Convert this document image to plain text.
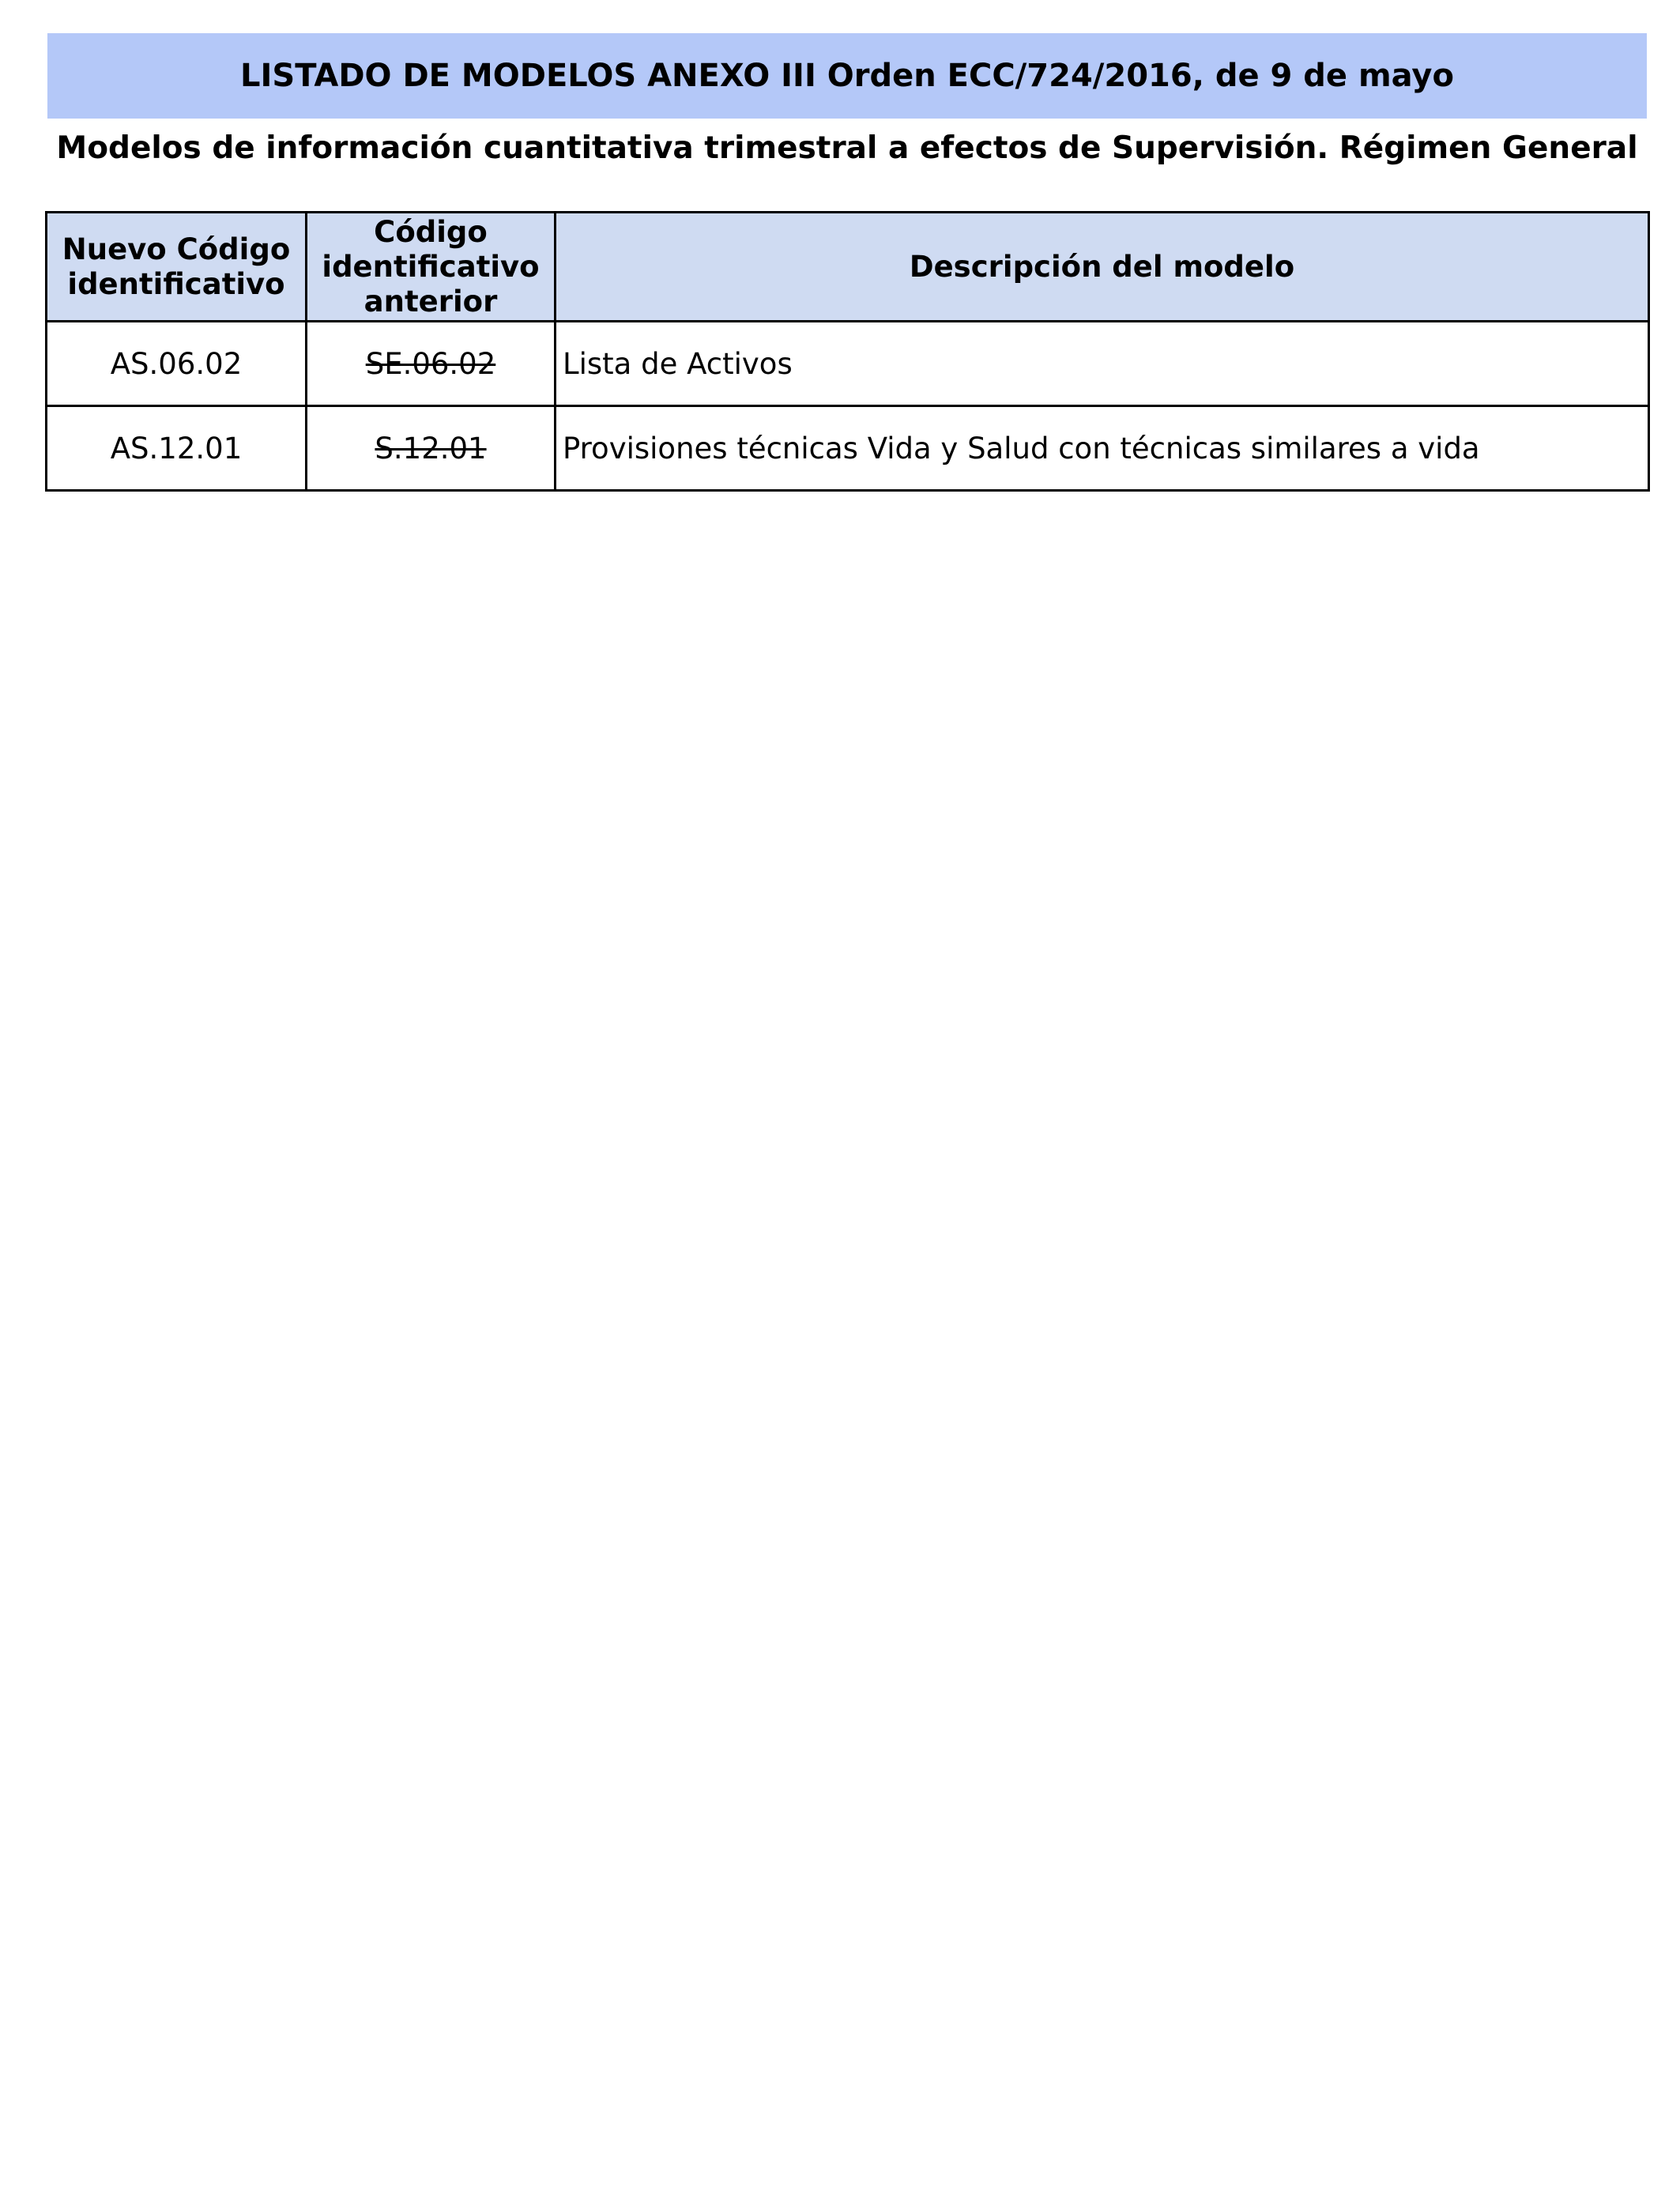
LISTADO DE MODELOS ANEXO III Orden ECC/724/2016, de 9 de mayo
Modelos de información cuantitativa trimestral a efectos de Supervisión. Régimen General
Nuevo Código identificativo	Código identificativo anterior	Descripción del modelo
AS.06.02	SE.06.02	Lista de Activos
AS.12.01	S.12.01	Provisiones técnicas Vida y Salud con técnicas similares a vida
